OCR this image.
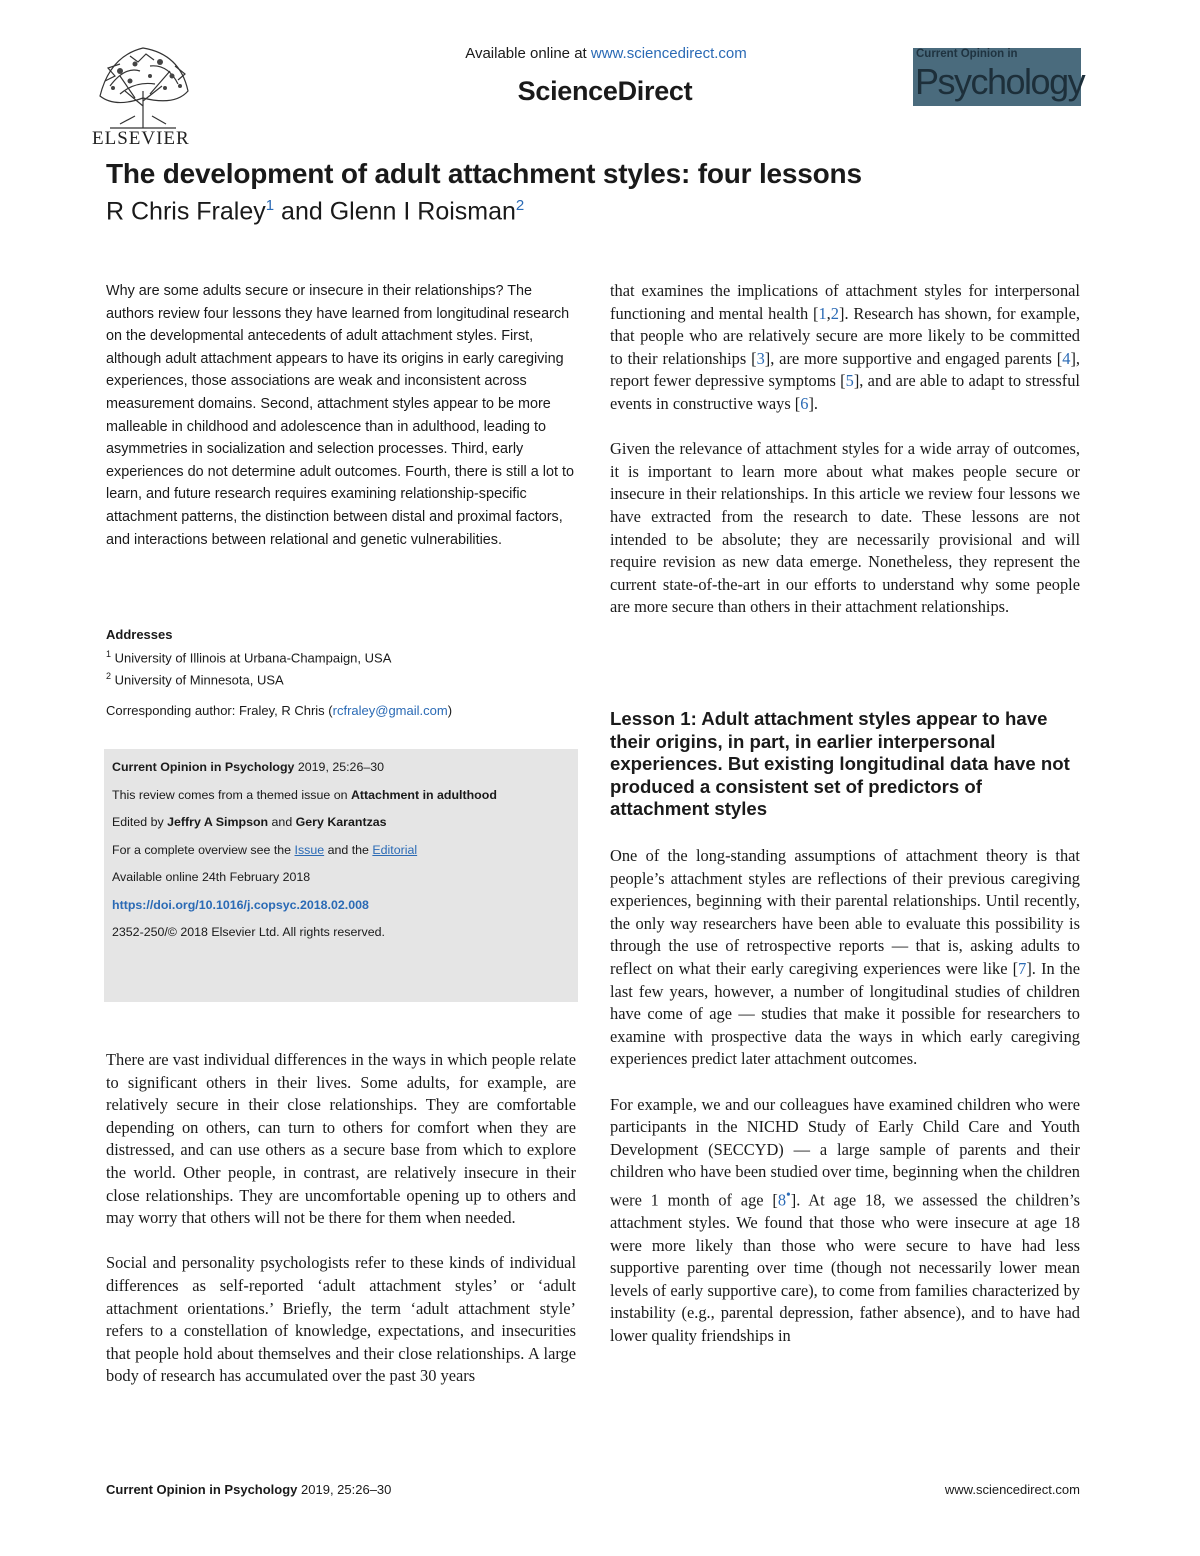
ELSEVIER
Available online at www.sciencedirect.com
ScienceDirect
Current Opinion in
Psychology
The development of adult attachment styles: four lessons
R Chris Fraley$^1$ and Glenn I Roisman$^2$
Why are some adults secure or insecure in their relationships? The authors review four lessons they have learned from longitudinal research on the developmental antecedents of adult attachment styles. First, although adult attachment appears to have its origins in early caregiving experiences, those associations are weak and inconsistent across measurement domains. Second, attachment styles appear to be more malleable in childhood and adolescence than in adulthood, leading to asymmetries in socialization and selection processes. Third, early experiences do not determine adult outcomes. Fourth, there is still a lot to learn, and future research requires examining relationship-specific attachment patterns, the distinction between distal and proximal factors, and interactions between relational and genetic vulnerabilities.
Addresses
$^1$ University of Illinois at Urbana-Champaign, USA
$^2$ University of Minnesota, USA
Corresponding author: Fraley, R Chris (rcfraley@gmail.com)
Current Opinion in Psychology 2019, 25:26–30
This review comes from a themed issue on Attachment in adulthood
Edited by Jeffry A Simpson and Gery Karantzas
For a complete overview see the Issue and the Editorial
Available online 24th February 2018
https://doi.org/10.1016/j.copsyc.2018.02.008
2352-250/© 2018 Elsevier Ltd. All rights reserved.

There are vast individual differences in the ways in which people relate to significant others in their lives. Some adults, for example, are relatively secure in their close relationships. They are comfortable depending on others, can turn to others for comfort when they are distressed, and can use others as a secure base from which to explore the world. Other people, in contrast, are relatively insecure in their close relationships. They are uncomfortable opening up to others and may worry that others will not be there for them when needed.

Social and personality psychologists refer to these kinds of individual differences as self-reported ‘adult attachment styles’ or ‘adult attachment orientations.’ Briefly, the term ‘adult attachment style’ refers to a constellation of knowledge, expectations, and insecurities that people hold about themselves and their close relationships. A large body of research has accumulated over the past 30 years

that examines the implications of attachment styles for interpersonal functioning and mental health [1,2]. Research has shown, for example, that people who are relatively secure are more likely to be committed to their relationships [3], are more supportive and engaged parents [4], report fewer depressive symptoms [5], and are able to adapt to stressful events in constructive ways [6].

Given the relevance of attachment styles for a wide array of outcomes, it is important to learn more about what makes people secure or insecure in their relationships. In this article we review four lessons we have extracted from the research to date. These lessons are not intended to be absolute; they are necessarily provisional and will require revision as new data emerge. Nonetheless, they represent the current state-of-the-art in our efforts to understand why some people are more secure than others in their attachment relationships.

Lesson 1: Adult attachment styles appear to have their origins, in part, in earlier interpersonal experiences. But existing longitudinal data have not produced a consistent set of predictors of attachment styles

One of the long-standing assumptions of attachment theory is that people’s attachment styles are reflections of their previous caregiving experiences, beginning with their parental relationships. Until recently, the only way researchers have been able to evaluate this possibility is through the use of retrospective reports — that is, asking adults to reflect on what their early caregiving experiences were like [7]. In the last few years, however, a number of longitudinal studies of children have come of age — studies that make it possible for researchers to examine with prospective data the ways in which early caregiving experiences predict later attachment outcomes.

For example, we and our colleagues have examined children who were participants in the NICHD Study of Early Child Care and Youth Development (SECCYD) — a large sample of parents and their children who have been studied over time, beginning when the children were 1 month of age [8•]. At age 18, we assessed the children’s attachment styles. We found that those who were insecure at age 18 were more likely than those who were secure to have had less supportive parenting over time (though not necessarily lower mean levels of early supportive care), to come from families characterized by instability (e.g., parental depression, father absence), and to have had lower quality friendships in

Current Opinion in Psychology 2019, 25:26–30	www.sciencedirect.com
